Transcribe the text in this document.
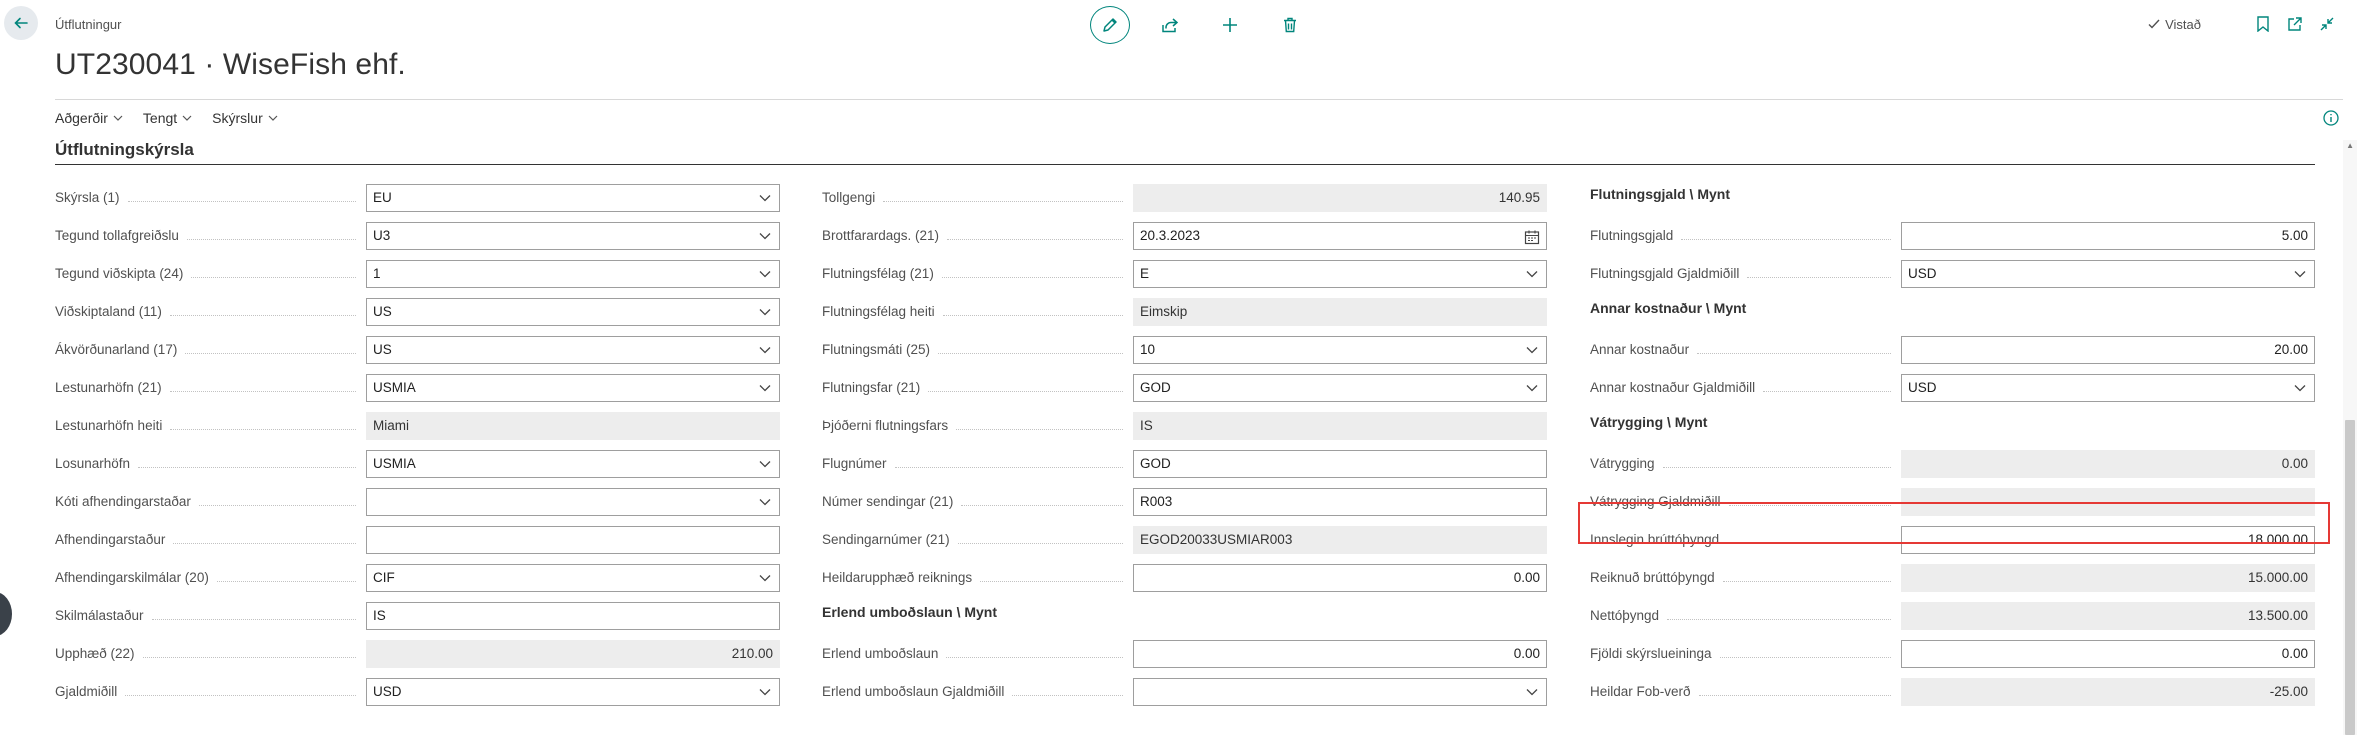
Útflutningur
UT230041 · WiseFish ehf.
Vistað
Aðgerðir	Tengt	Skýrslur
Útflutningskýrsla	▲
Skýrsla (1)	EU
Tegund tollafgreiðslu	U3
Tegund viðskipta (24)	1
Viðskiptaland (11)	US
Ákvörðunarland (17)	US
Lestunarhöfn (21)	USMIA
Lestunarhöfn heiti	Miami
Losunarhöfn	USMIA
Kóti afhendingarstaðar
Afhendingarstaður
Afhendingarskilmálar (20)	CIF
Skilmálastaður	IS
Upphæð (22)	210.00
Gjaldmiðill	USD
Tollgengi	140.95
Brottfarardags. (21)	20.3.2023
Flutningsfélag (21)	E
Flutningsfélag heiti	Eimskip
Flutningsmáti (25)	10
Flutningsfar (21)	GOD
Þjóðerni flutningsfars	IS
Flugnúmer	GOD
Númer sendingar (21)	R003
Sendingarnúmer (21)	EGOD20033USMIAR003
Heildarupphæð reiknings	0.00
Erlend umboðslaun \ Mynt
Erlend umboðslaun	0.00
Erlend umboðslaun Gjaldmiðill
Flutningsgjald \ Mynt
Flutningsgjald	5.00
Flutningsgjald Gjaldmiðill	USD
Annar kostnaður \ Mynt
Annar kostnaður	20.00
Annar kostnaður Gjaldmiðill	USD
Vátrygging \ Mynt
Vátrygging	0.00
Vátrygging Gjaldmiðill
Innslegin brúttóþyngd	18.000.00
Reiknuð brúttóþyngd	15.000.00
Nettóþyngd	13.500.00
Fjöldi skýrslueininga	0.00
Heildar Fob-verð	-25.00
